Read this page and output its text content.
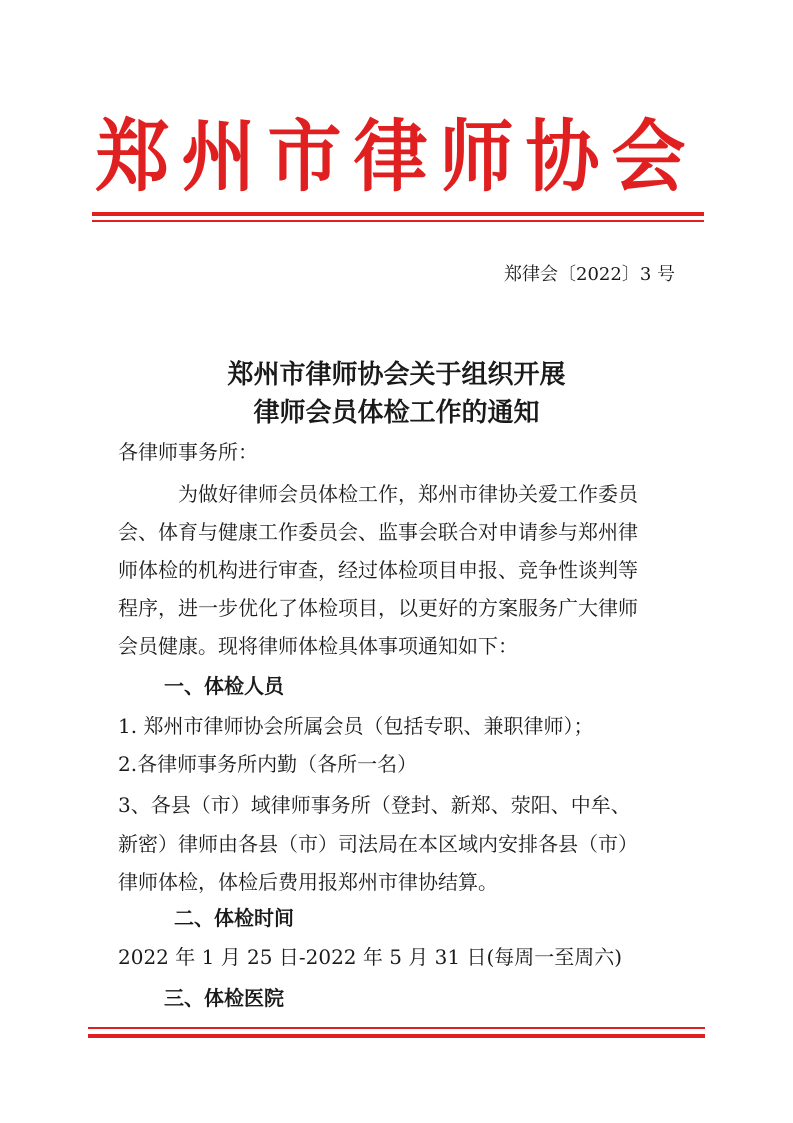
郑州市律师协会
郑律会〔2022〕3 号
郑州市律师协会关于组织开展
律师会员体检工作的通知
各律师事务所：
为做好律师会员体检工作，郑州市律协关爱工作委员
会、体育与健康工作委员会、监事会联合对申请参与郑州律
师体检的机构进行审查，经过体检项目申报、竞争性谈判等
程序，进一步优化了体检项目，以更好的方案服务广大律师
会员健康。现将律师体检具体事项通知如下：
一、体检人员
1. 郑州市律师协会所属会员（包括专职、兼职律师）；
2.各律师事务所内勤（各所一名）
3、各县（市）域律师事务所（登封、新郑、荥阳、中牟、
新密）律师由各县（市）司法局在本区域内安排各县（市）
律师体检，体检后费用报郑州市律协结算。
二、体检时间
2022 年 1 月 25 日-2022 年 5 月 31 日(每周一至周六)
三、体检医院
